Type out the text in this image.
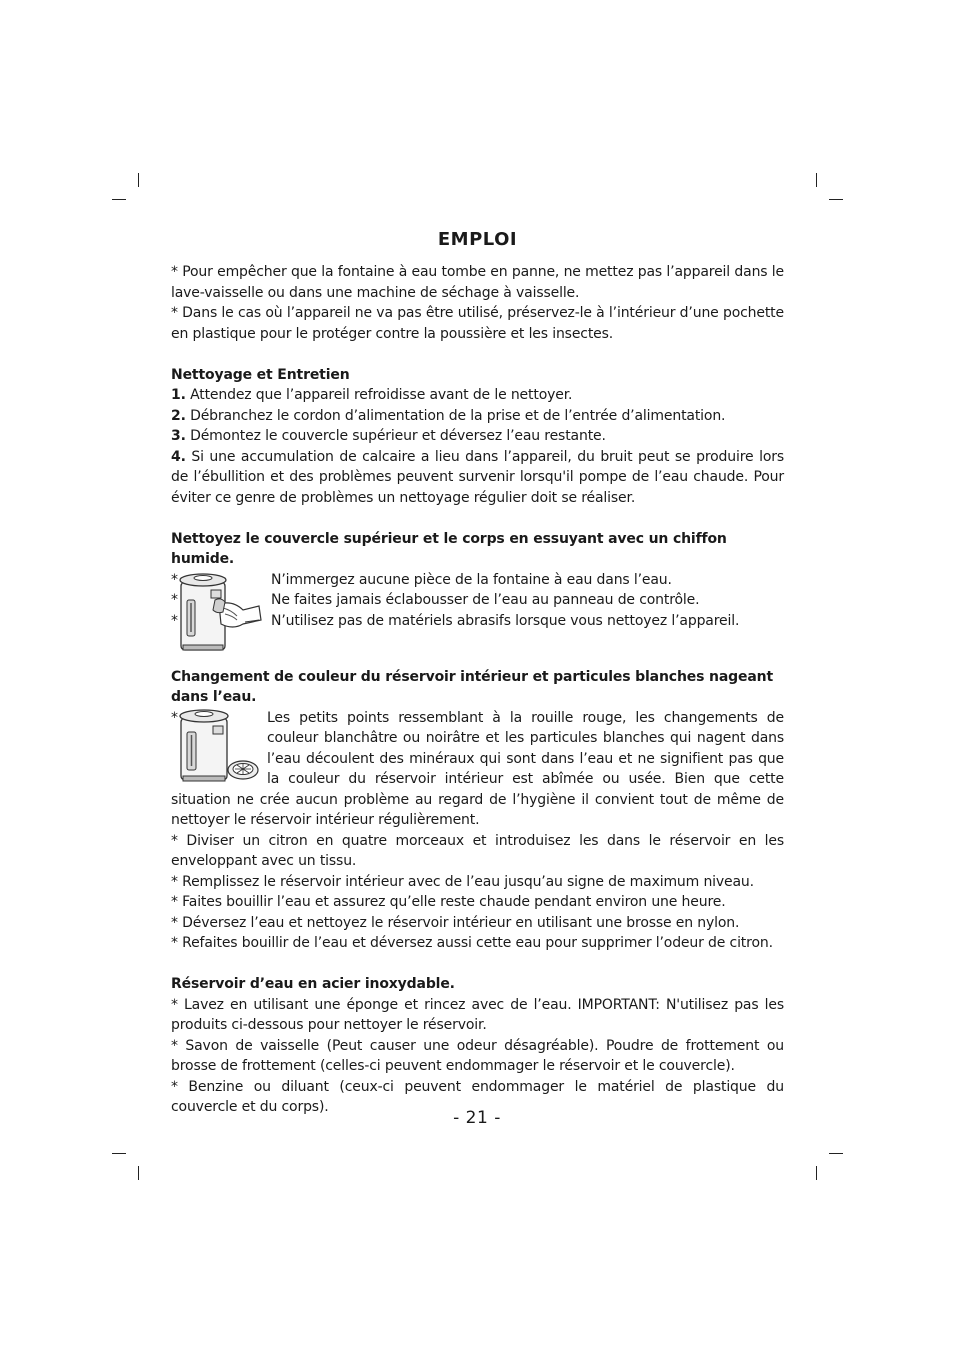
EMPLOI

* Pour empêcher que la fontaine à eau tombe en panne, ne mettez pas l’appareil dans le lave-vaisselle ou dans une machine de séchage à vaisselle.

* Dans le cas où l’appareil ne va pas être utilisé, préservez-le à l’intérieur d’une pochette en plastique pour le protéger contre la poussière et les insectes.

Nettoyage et Entretien

1. Attendez que l’appareil refroidisse avant de le nettoyer.

2. Débranchez le cordon d’alimentation de la prise et de l’entrée d’alimentation.

3. Démontez le couvercle supérieur et déversez l’eau restante.

4. Si une accumulation de calcaire a lieu dans l’appareil, du bruit peut se produire lors de l’ébullition et des problèmes peuvent survenir lorsqu'il pompe de l’eau chaude. Pour éviter ce genre de problèmes un nettoyage régulier doit se réaliser.

Nettoyez le couvercle supérieur et le corps en essuyant avec un chiffon humide.

*
*
*
N’immergez aucune pièce de la fontaine à eau dans l’eau.
Ne faites jamais éclabousser de l’eau au panneau de contrôle.
N’utilisez pas de matériels abrasifs lorsque vous nettoyez l’appareil.

Changement de couleur du réservoir intérieur et particules blanches nageant dans l’eau.

*	Les petits points ressemblant à la rouille rouge, les changements de couleur blanchâtre ou noirâtre et les particules blanches qui nagent dans l’eau découlent des minéraux qui sont dans l’eau et ne signifient pas que la couleur du réservoir intérieur est abîmée ou usée. Bien que cette situation ne crée aucun problème au regard de l’hygiène il convient tout de même de nettoyer le réservoir intérieur régulièrement.

* Diviser un citron en quatre morceaux et introduisez les dans le réservoir en les enveloppant avec un tissu.

* Remplissez le réservoir intérieur avec de l’eau jusqu’au signe de maximum niveau.

* Faites bouillir l’eau et assurez qu’elle reste chaude pendant environ une heure.

* Déversez l’eau et nettoyez le réservoir intérieur en utilisant une brosse en nylon.

* Refaites bouillir de l’eau et déversez aussi cette eau pour supprimer l’odeur de citron.

Réservoir d’eau en acier inoxydable.

* Lavez en utilisant une éponge et rincez avec de l’eau. IMPORTANT: N'utilisez pas les produits ci-dessous pour nettoyer le réservoir.

* Savon de vaisselle (Peut causer une odeur désagréable). Poudre de frottement ou brosse de frottement (celles-ci peuvent endommager le réservoir et le couvercle).

* Benzine ou diluant (ceux-ci peuvent endommager le matériel de plastique du couvercle et du corps).

- 21 -
